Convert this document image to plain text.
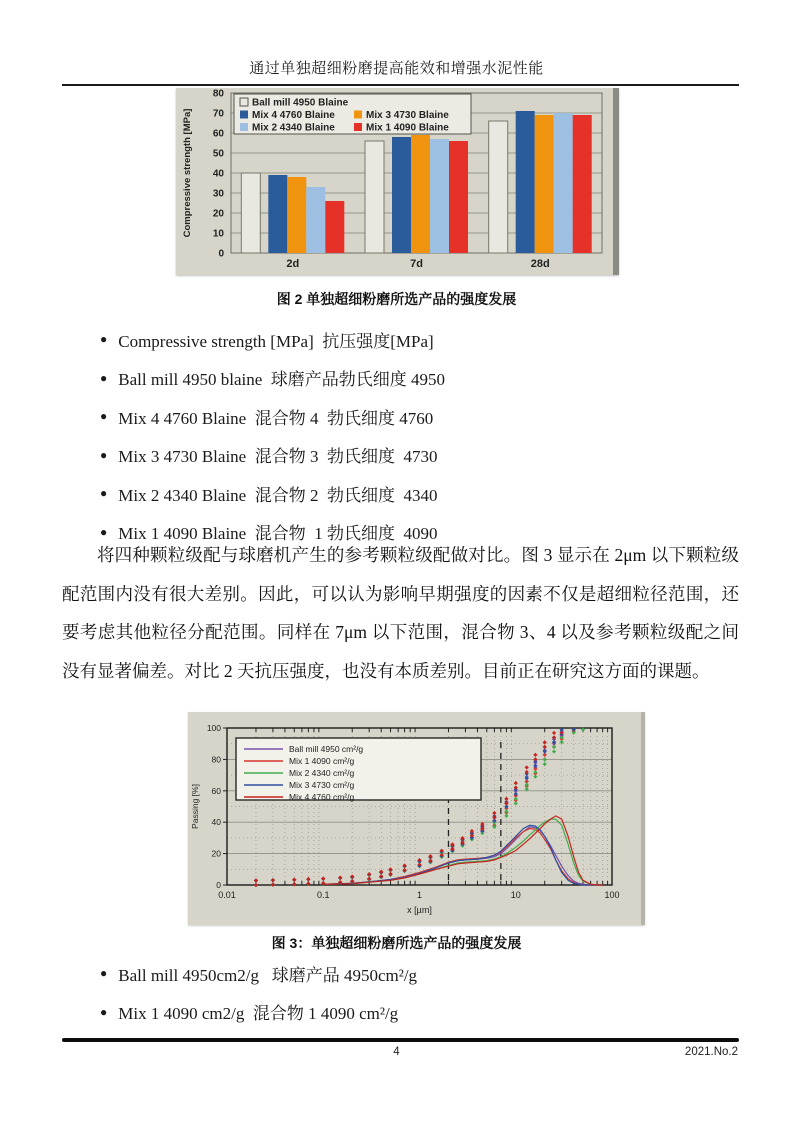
通过单独超细粉磨提高能效和增强水泥性能
0
10
20
30
40
50
60
70
80
Compressive strength [MPa]
2d	7d	28d
Ball mill 4950 Blaine
Mix 4 4760 Blaine	Mix 3 4730 Blaine
Mix 2 4340 Blaine	Mix 1 4090 Blaine
图 2 单独超细粉磨所选产品的强度发展
● Compressive strength [MPa]  抗压强度[MPa]
● Ball mill 4950 blaine  球磨产品勃氏细度 4950
● Mix 4 4760 Blaine  混合物 4  勃氏细度 4760
● Mix 3 4730 Blaine  混合物 3  勃氏细度  4730
● Mix 2 4340 Blaine  混合物 2  勃氏细度  4340
● Mix 1 4090 Blaine  混合物  1 勃氏细度  4090

将四种颗粒级配与球磨机产生的参考颗粒级配做对比。图 3 显示在 2μm 以下颗粒级配范围内没有很大差别。因此，可以认为影响早期强度的因素不仅是超细粒径范围，还要考虑其他粒径分配范围。同样在 7μm 以下范围，混合物 3、4 以及参考颗粒级配之间没有显著偏差。对比 2 天抗压强度，也没有本质差别。目前正在研究这方面的课题。

0
20
40
60
80
100
0.01	0.1	1	10	100
x [µm]
Passing [%]
Ball mill 4950 cm²/g
Mix 1 4090 cm²/g
Mix 2 4340 cm²/g
Mix 3 4730 cm²/g
Mix 4 4760 cm²/g
图 3：单独超细粉磨所选产品的强度发展
● Ball mill 4950cm2/g   球磨产品 4950cm²/g
● Mix 1 4090 cm2/g  混合物 1 4090 cm²/g
4	2021.No.2
